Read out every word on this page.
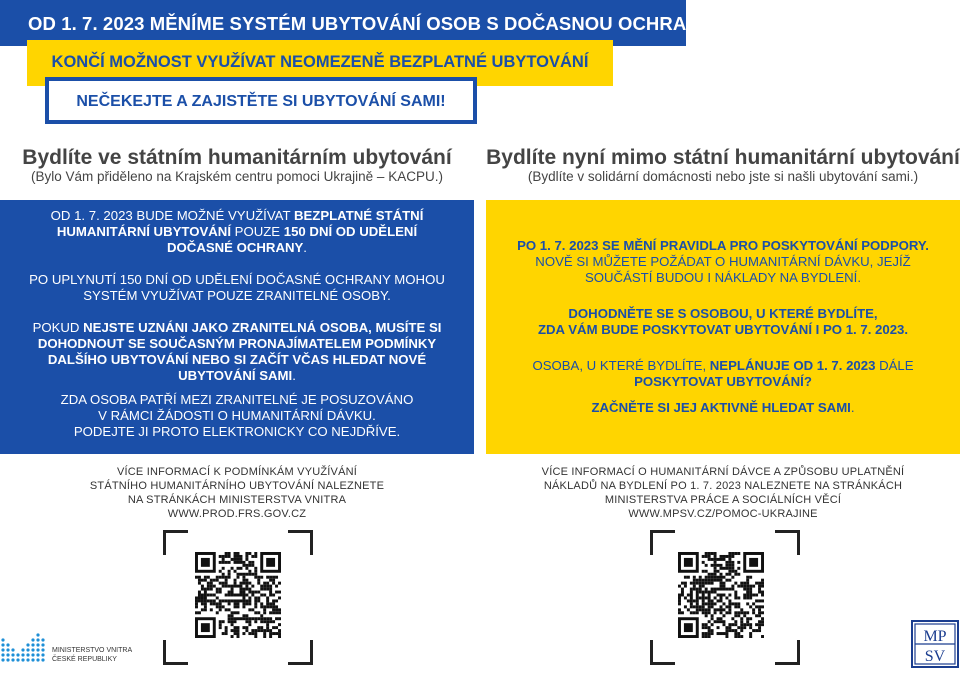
OD 1. 7. 2023 MĚNÍME SYSTÉM UBYTOVÁNÍ OSOB S DOČASNOU OCHRANOU
KONČÍ MOŽNOST VYUŽÍVAT NEOMEZENĚ BEZPLATNÉ UBYTOVÁNÍ
NEČEKEJTE A ZAJISTĚTE SI UBYTOVÁNÍ SAMI!
Bydlíte ve státním humanitárním ubytování
(Bylo Vám přiděleno na Krajském centru pomoci Ukrajině – KACPU.)
Bydlíte nyní mimo státní humanitární ubytování
(Bydlíte v solidární domácnosti nebo jste si našli ubytování sami.)
OD 1. 7. 2023 BUDE MOŽNÉ VYUŽÍVAT BEZPLATNÉ STÁTNÍ HUMANITÁRNÍ UBYTOVÁNÍ POUZE 150 DNÍ OD UDĚLENÍ DOČASNÉ OCHRANY.
PO UPLYNUTÍ 150 DNÍ OD UDĚLENÍ DOČASNÉ OCHRANY MOHOU SYSTÉM VYUŽÍVAT POUZE ZRANITELNÉ OSOBY.
POKUD NEJSTE UZNÁNI JAKO ZRANITELNÁ OSOBA, MUSÍTE SI DOHODNOUT SE SOUČASNÝM PRONAJÍMATELEM PODMÍNKY DALŠÍHO UBYTOVÁNÍ NEBO SI ZAČÍT VČAS HLEDAT NOVÉ UBYTOVÁNÍ SAMI.
ZDA OSOBA PATŘÍ MEZI ZRANITELNÉ JE POSUZOVÁNO
V RÁMCI ŽÁDOSTI O HUMANITÁRNÍ DÁVKU.
PODEJTE JI PROTO ELEKTRONICKY CO NEJDŘÍVE.
PO 1. 7. 2023 SE MĚNÍ PRAVIDLA PRO POSKYTOVÁNÍ PODPORY.
NOVĚ SI MŮŽETE POŽÁDAT O HUMANITÁRNÍ DÁVKU, JEJÍŽ
SOUČÁSTÍ BUDOU I NÁKLADY NA BYDLENÍ.
DOHODNĚTE SE S OSOBOU, U KTERÉ BYDLÍTE,
ZDA VÁM BUDE POSKYTOVAT UBYTOVÁNÍ I PO 1. 7. 2023.
OSOBA, U KTERÉ BYDLÍTE, NEPLÁNUJE OD 1. 7. 2023 DÁLE
POSKYTOVAT UBYTOVÁNÍ?
ZAČNĚTE SI JEJ AKTIVNĚ HLEDAT SAMI.
VÍCE INFORMACÍ K PODMÍNKÁM VYUŽÍVÁNÍ
STÁTNÍHO HUMANITÁRNÍHO UBYTOVÁNÍ NALEZNETE
NA STRÁNKÁCH MINISTERSTVA VNITRA
WWW.PROD.FRS.GOV.CZ
VÍCE INFORMACÍ O HUMANITÁRNÍ DÁVCE A ZPŮSOBU UPLATNĚNÍ
NÁKLADŮ NA BYDLENÍ PO 1. 7. 2023 NALEZNETE NA STRÁNKÁCH
MINISTERSTVA PRÁCE A SOCIÁLNÍCH VĚCÍ
WWW.MPSV.CZ/POMOC-UKRAJINE
MINISTERSTVO VNITRA
ČESKÉ REPUBLIKY
MP
SV
